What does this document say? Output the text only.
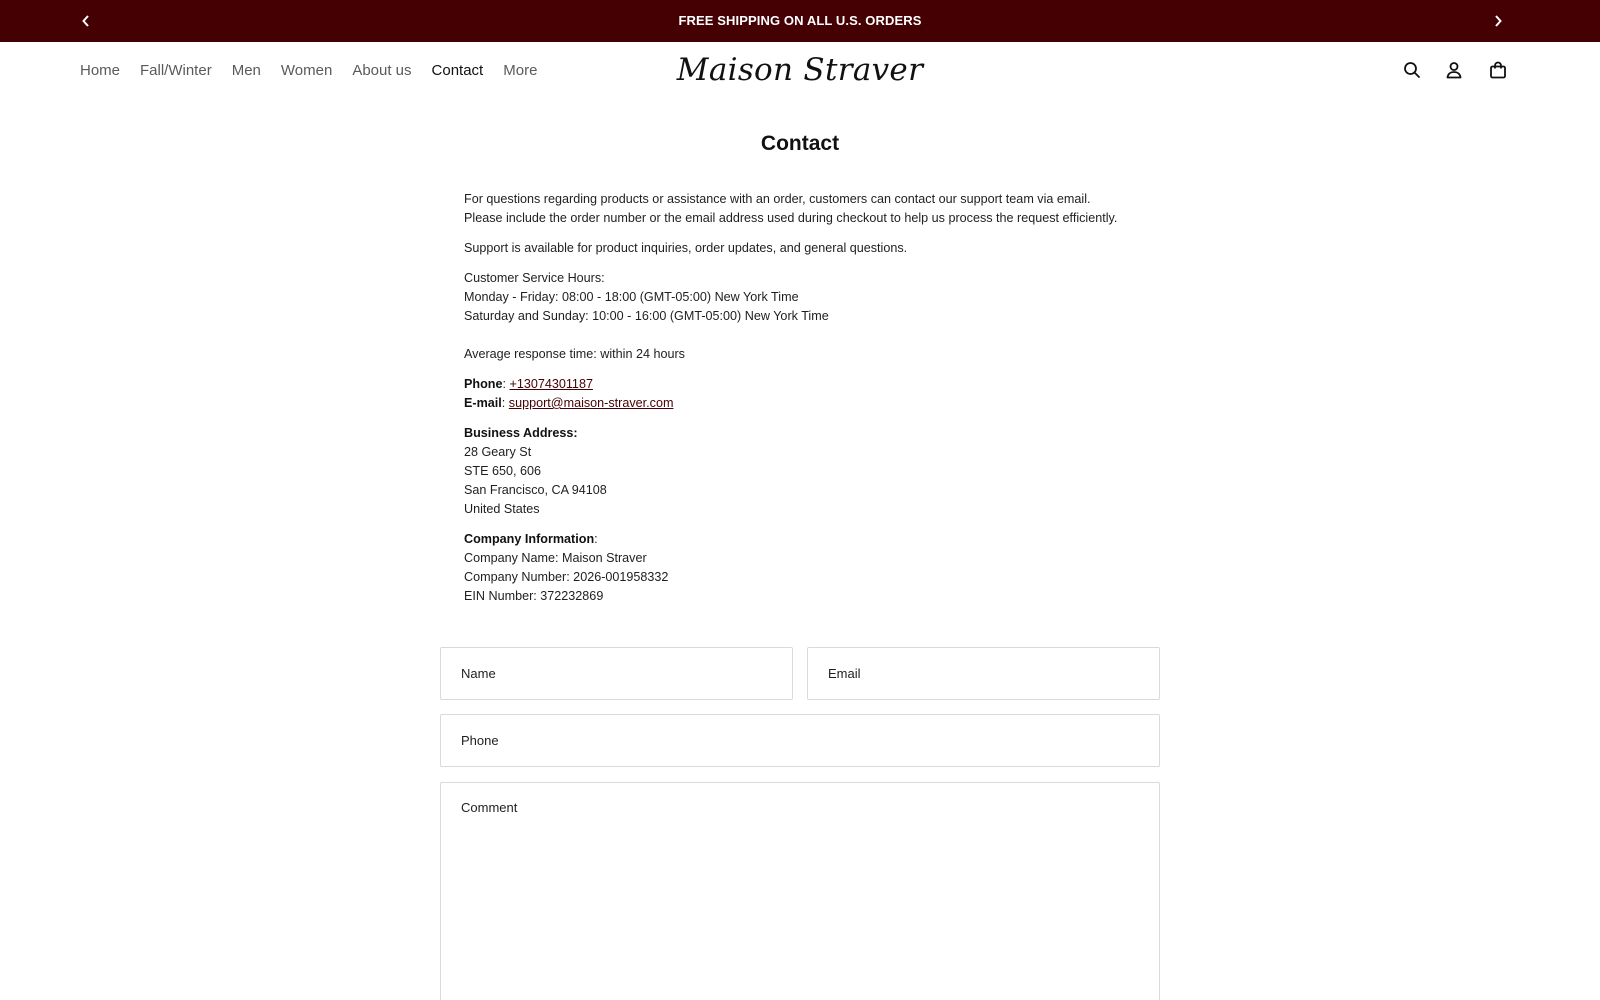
FREE SHIPPING ON ALL U.S. ORDERS
Home Fall/Winter Men Women About us Contact More	Maison Straver
Contact

For questions regarding products or assistance with an order, customers can contact our support team via email.

Please include the order number or the email address used during checkout to help us process the request efficiently.

Support is available for product inquiries, order updates, and general questions.

Customer Service Hours:

Monday - Friday: 08:00 - 18:00 (GMT-05:00) New York Time

Saturday and Sunday: 10:00 - 16:00 (GMT-05:00) New York Time

Average response time: within 24 hours

Phone: +13074301187

E-mail: support@maison-straver.com

Business Address:

28 Geary St

STE 650, 606

San Francisco, CA 94108

United States

Company Information:

Company Name: Maison Straver

Company Number: 2026-001958332

EIN Number: 372232869

Name
Email
Phone
Comment
